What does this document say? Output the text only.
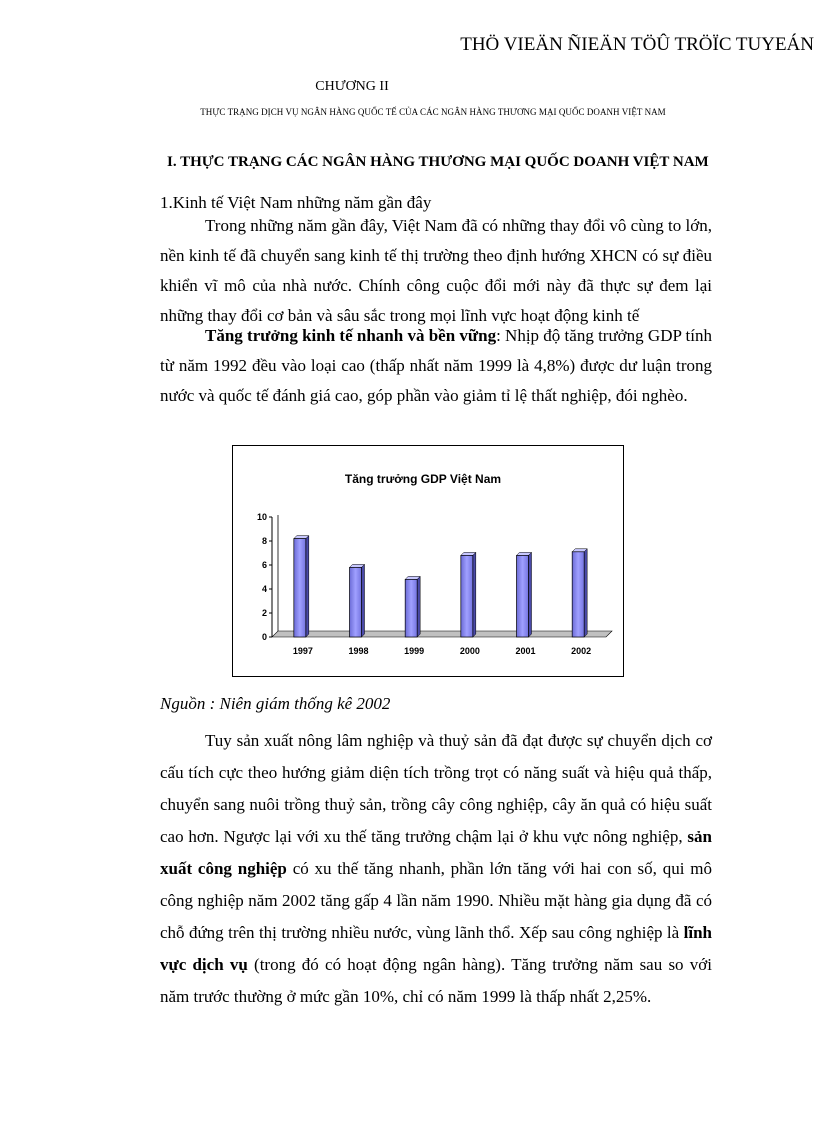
THÖ VIEÄN ÑIEÄN TÖÛ TRÖÏC TUYEÁN
CHƯƠNG II
THỰC TRẠNG DỊCH VỤ NGÂN HÀNG QUỐC TẾ CỦA CÁC NGÂN HÀNG THƯƠNG MẠI QUỐC DOANH VIỆT NAM
I. THỰC TRẠNG CÁC NGÂN HÀNG THƯƠNG MẠI QUỐC DOANH VIỆT NAM
1.Kinh tế Việt Nam những năm gần đây
Trong những năm gần đây, Việt Nam đã có những thay đổi vô cùng to lớn, nền kinh tế đã chuyển sang kinh tế thị trường theo định hướng XHCN có sự điều khiển vĩ mô của nhà nước. Chính công cuộc đổi mới này đã thực sự đem lại những thay đổi cơ bản và sâu sắc trong mọi lĩnh vực hoạt động kinh tế
Tăng trưởng kinh tế nhanh và bền vững: Nhịp độ tăng trưởng GDP tính từ năm 1992 đều vào loại cao (thấp nhất năm 1999 là 4,8%) được dư luận trong nước và quốc tế đánh giá cao, góp phần vào giảm tỉ lệ thất nghiệp, đói nghèo.
Tăng trưởng GDP Việt Nam
0
2
4
6
8
10
1997	1998	1999	2000	2001	2002
Nguồn : Niên giám thống kê 2002
Tuy sản xuất nông lâm nghiệp và thuỷ sản đã đạt được sự chuyển dịch cơ cấu tích cực theo hướng giảm diện tích trồng trọt có năng suất và hiệu quả thấp, chuyển sang nuôi trồng thuỷ sản, trồng cây công nghiệp, cây ăn quả có hiệu suất cao hơn. Ngược lại với xu thế tăng trưởng chậm lại ở khu vực nông nghiệp, sản xuất công nghiệp có xu thế tăng nhanh, phần lớn tăng với hai con số, qui mô công nghiệp năm 2002 tăng gấp 4 lần năm 1990. Nhiều mặt hàng gia dụng đã có chỗ đứng trên thị trường nhiều nước, vùng lãnh thổ. Xếp sau công nghiệp là lĩnh vực dịch vụ (trong đó có hoạt động ngân hàng). Tăng trưởng năm sau so với năm trước thường ở mức gần 10%, chỉ có năm 1999 là thấp nhất 2,25%.
